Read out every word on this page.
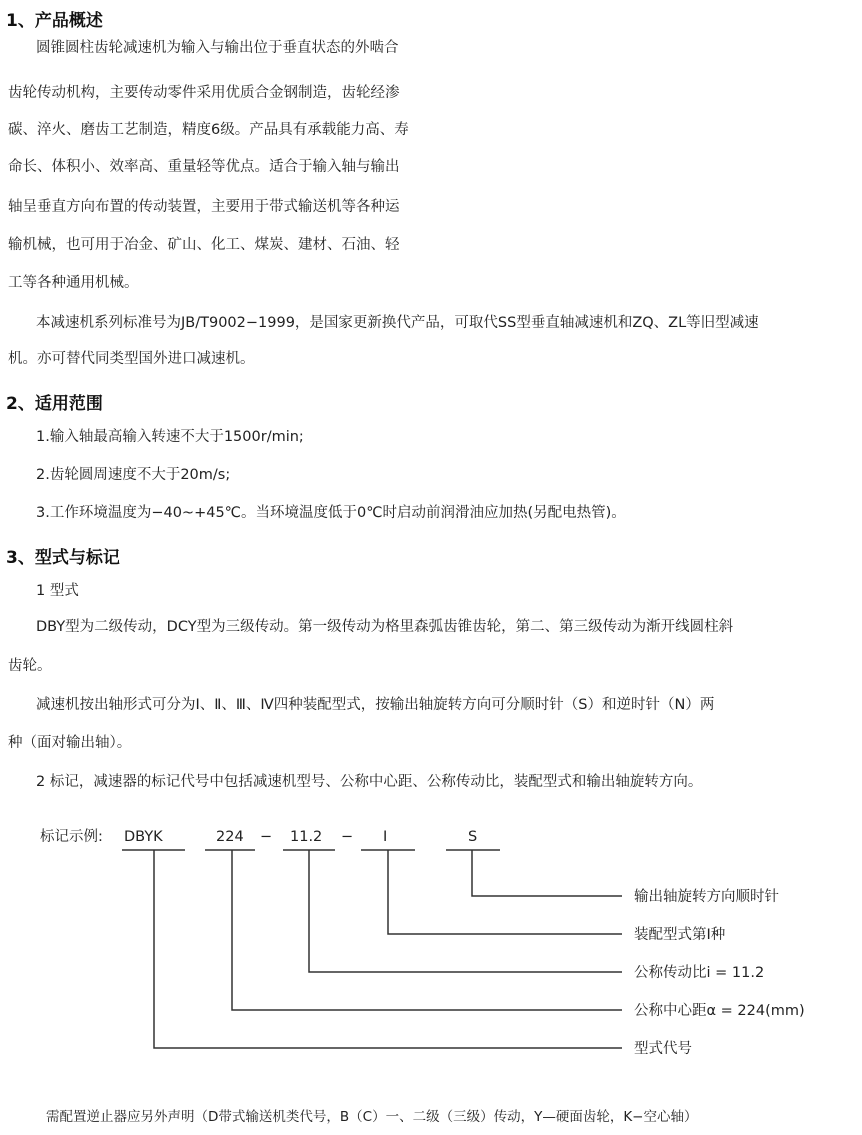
1、产品概述

圆锥圆柱齿轮减速机为输入与输出位于垂直状态的外啮合

齿轮传动机构，主要传动零件采用优质合金钢制造，齿轮经渗

碳、淬火、磨齿工艺制造，精度6级。产品具有承载能力高、寿

命长、体积小、效率高、重量轻等优点。适合于输入轴与输出

轴呈垂直方向布置的传动装置，主要用于带式输送机等各种运

输机械，也可用于冶金、矿山、化工、煤炭、建材、石油、轻

工等各种通用机械。

本减速机系列标准号为JB/T9002−1999，是国家更新换代产品，可取代SS型垂直轴减速机和ZQ、ZL等旧型减速

机。亦可替代同类型国外进口减速机。

2、适用范围

1.输入轴最高输入转速不大于1500r/min;

2.齿轮圆周速度不大于20m/s;

3.工作环境温度为−40~+45℃。当环境温度低于0℃时启动前润滑油应加热(另配电热管)。

3、型式与标记

1 型式

DBY型为二级传动，DCY型为三级传动。第一级传动为格里森弧齿锥齿轮，第二、第三级传动为渐开线圆柱斜

齿轮。

减速机按出轴形式可分为Ⅰ、Ⅱ、Ⅲ、Ⅳ四种装配型式，按输出轴旋转方向可分顺时针（S）和逆时针（N）两

种（面对输出轴）。

2 标记，减速器的标记代号中包括减速机型号、公称中心距、公称传动比，装配型式和输出轴旋转方向。

标记示例: DBYK	224 − 11.2 − Ⅰ	S
输出轴旋转方向顺时针
装配型式第Ⅰ种
公称传动比i = 11.2
公称中心距α = 224(mm)
型式代号

需配置逆止器应另外声明（D带式输送机类代号，B（C）一、二级（三级）传动，Y—硬面齿轮，K−空心轴）
